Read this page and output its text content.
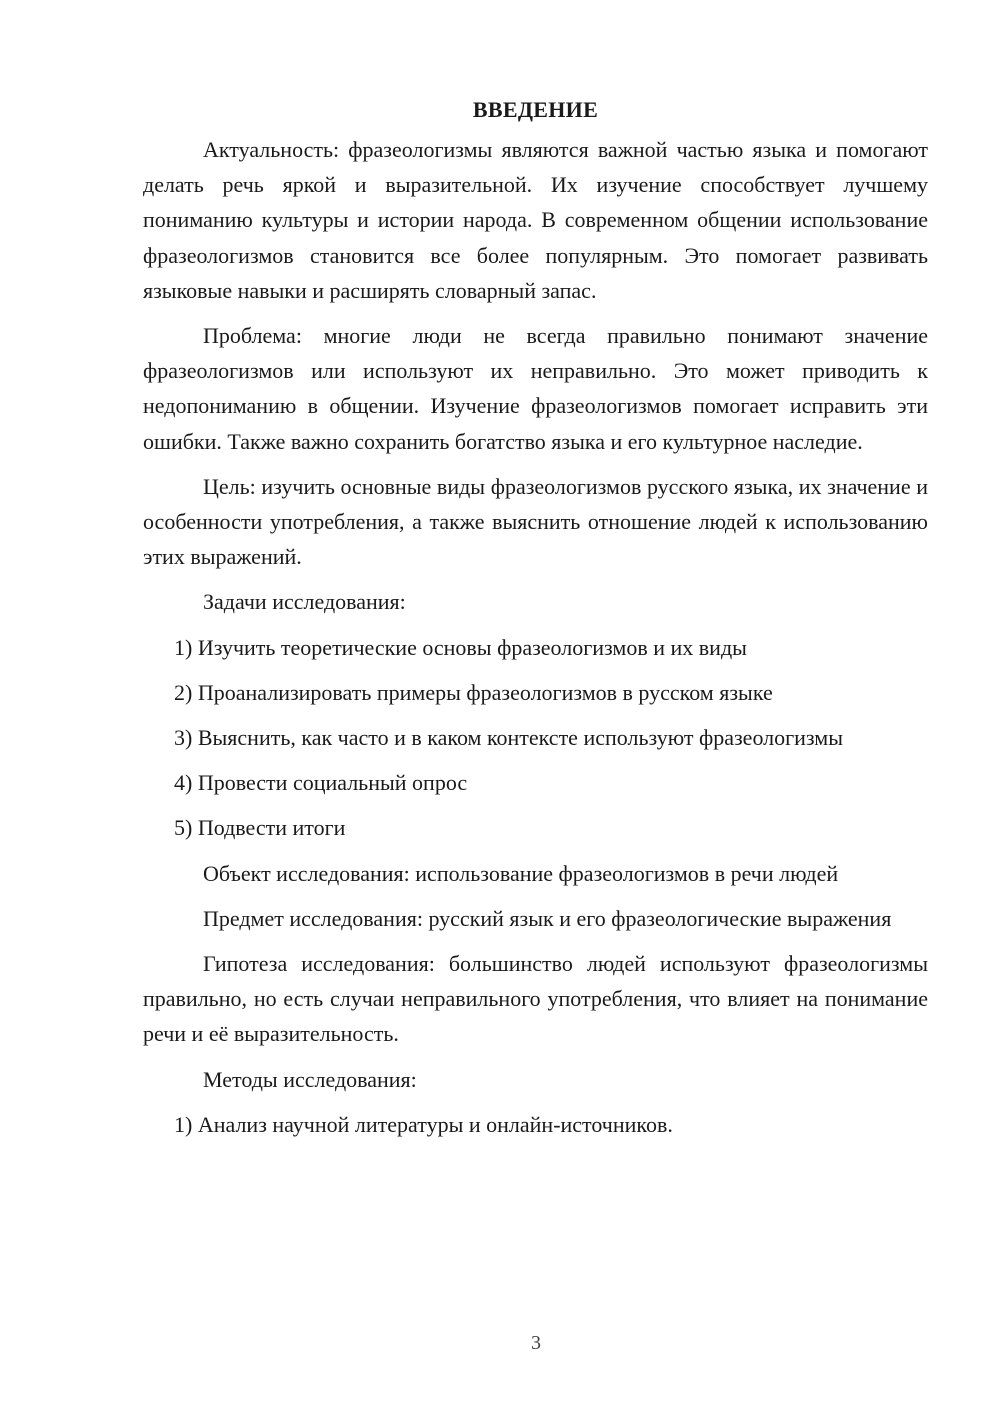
ВВЕДЕНИЕ

Актуальность: фразеологизмы являются важной частью языка и помогают делать речь яркой и выразительной. Их изучение способствует лучшему пониманию культуры и истории народа. В современном общении использование фразеологизмов становится все более популярным. Это помогает развивать языковые навыки и расширять словарный запас.

Проблема: многие люди не всегда правильно понимают значение фразеологизмов или используют их неправильно. Это может приводить к недопониманию в общении. Изучение фразеологизмов помогает исправить эти ошибки. Также важно сохранить богатство языка и его культурное наследие.

Цель: изучить основные виды фразеологизмов русского языка, их значение и особенности употребления, а также выяснить отношение людей к использованию этих выражений.

Задачи исследования:

1) Изучить теоретические основы фразеологизмов и их виды

2) Проанализировать примеры фразеологизмов в русском языке

3) Выяснить, как часто и в каком контексте используют фразеологизмы

4) Провести социальный опрос

5) Подвести итоги

Объект исследования: использование фразеологизмов в речи людей

Предмет исследования: русский язык и его фразеологические выражения

Гипотеза исследования: большинство людей используют фразеологизмы правильно, но есть случаи неправильного употребления, что влияет на понимание речи и её выразительность.

Методы исследования:

1) Анализ научной литературы и онлайн-источников.

3
